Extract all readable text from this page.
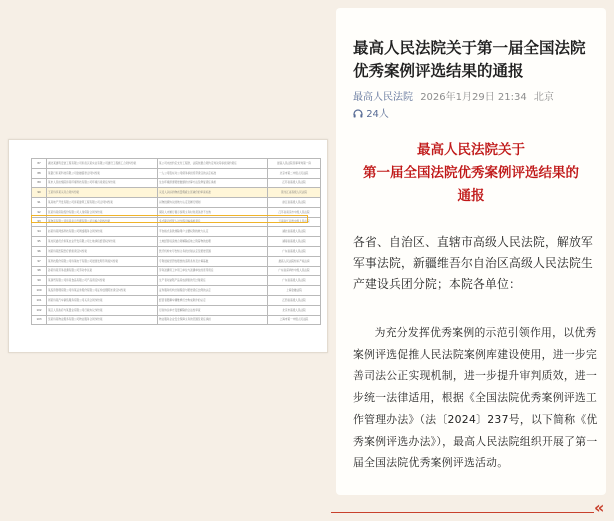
87	湖北某建筑安装工程有限公司诉武汉某实业有限公司建设工程施工合同纠纷案	某公司未按约定支付工程款，法院依据合同约定判决其承担违约责任	最高人民法院民事审判第一庭
88	某银行诉某科技有限公司金融借款合同纠纷案	一人公司股东对公司债务承担连带责任的认定标准	北京市第二中级人民法院
89	某市人民检察院诉某环境科技有限公司环境污染责任纠纷案	生态环境损害赔偿数额的计算方法及修复责任承担	江苏省高级人民法院
90	王某诉李某买卖合同纠纷案	买受人以标的物质量瑕疵主张减价的审查标准	黑龙江省高级人民法院
91	某房地产开发有限公司诉某建筑工程有限公司合同纠纷案	以物抵债协议的效力认定及履行规则	浙江省高级人民法院
92	张某诉某保险股份有限公司人身保险合同纠纷案	保险人未履行提示说明义务时免责条款不生效	江苏省南京市中级人民法院
93	某物流有限公司诉某货运代理有限公司运输合同纠纷案	多式联运经营人对全程运输承担责任	云南省红河州中级人民法院
94	赵某诉某网络科技有限公司网络服务合同纠纷案	平台格式条款排除用户主要权利的效力认定	湖北省高级人民法院
95	某村民委员会诉某农业开发有限公司土地承包经营权纠纷案	土地经营权流转合同解除后地上附着物的处理	湖南省高级人民法院
96	刘某诉某医院医疗损害责任纠纷案	医疗机构未尽告知义务的过错认定及赔偿范围	广东省高级人民法院
97	某科技股份有限公司诉某电子有限公司侵害发明专利权纠纷案	专利侵权惩罚性赔偿的适用条件及计算基数	最高人民法院知识产权法庭
98	孙某诉某劳务派遣有限公司劳动争议案	劳务派遣用工中用工单位与派遣单位的连带责任	广东省深圳市中级人民法院
99	某商贸有限公司诉某食品有限公司产品责任纠纷案	生产者对缺陷产品造成损害的无过错责任	广东省高级人民法院
100	某投资管理有限公司诉某证券股份有限公司证券虚假陈述责任纠纷案	证券服务机构过错程度与赔偿责任比例的认定	上海金融法院
101	周某诉某汽车销售服务有限公司买卖合同纠纷案	经营者隐瞒车辆维修历史构成欺诈的认定	江西省高级人民法院
102	某区人民政府与某置业有限公司行政协议纠纷案	行政协议单方变更解除的合法性审查	北京市高级人民法院
103	吴某诉某物业服务有限公司物业服务合同纠纷案	物业服务企业安全保障义务的范围及责任承担	上海市第一中级人民法院
最高人民法院关于第一届全国法院优秀案例评选结果的通报
最高人民法院 2026年1月29日 21:34 北京
24人
最高人民法院关于
第一届全国法院优秀案例评选结果的
通报

各省、自治区、直辖市高级人民法院，解放军军事法院，新疆维吾尔自治区高级人民法院生产建设兵团分院；本院各单位：

为充分发挥优秀案例的示范引领作用，以优秀案例评选促推人民法院案例库建设使用，进一步完善司法公正实现机制，进一步提升审判质效，进一步统一法律适用，根据《全国法院优秀案例评选工作管理办法》（法〔2024〕237号，以下简称《优秀案例评选办法》），最高人民法院组织开展了第一届全国法院优秀案例评选活动。

«
